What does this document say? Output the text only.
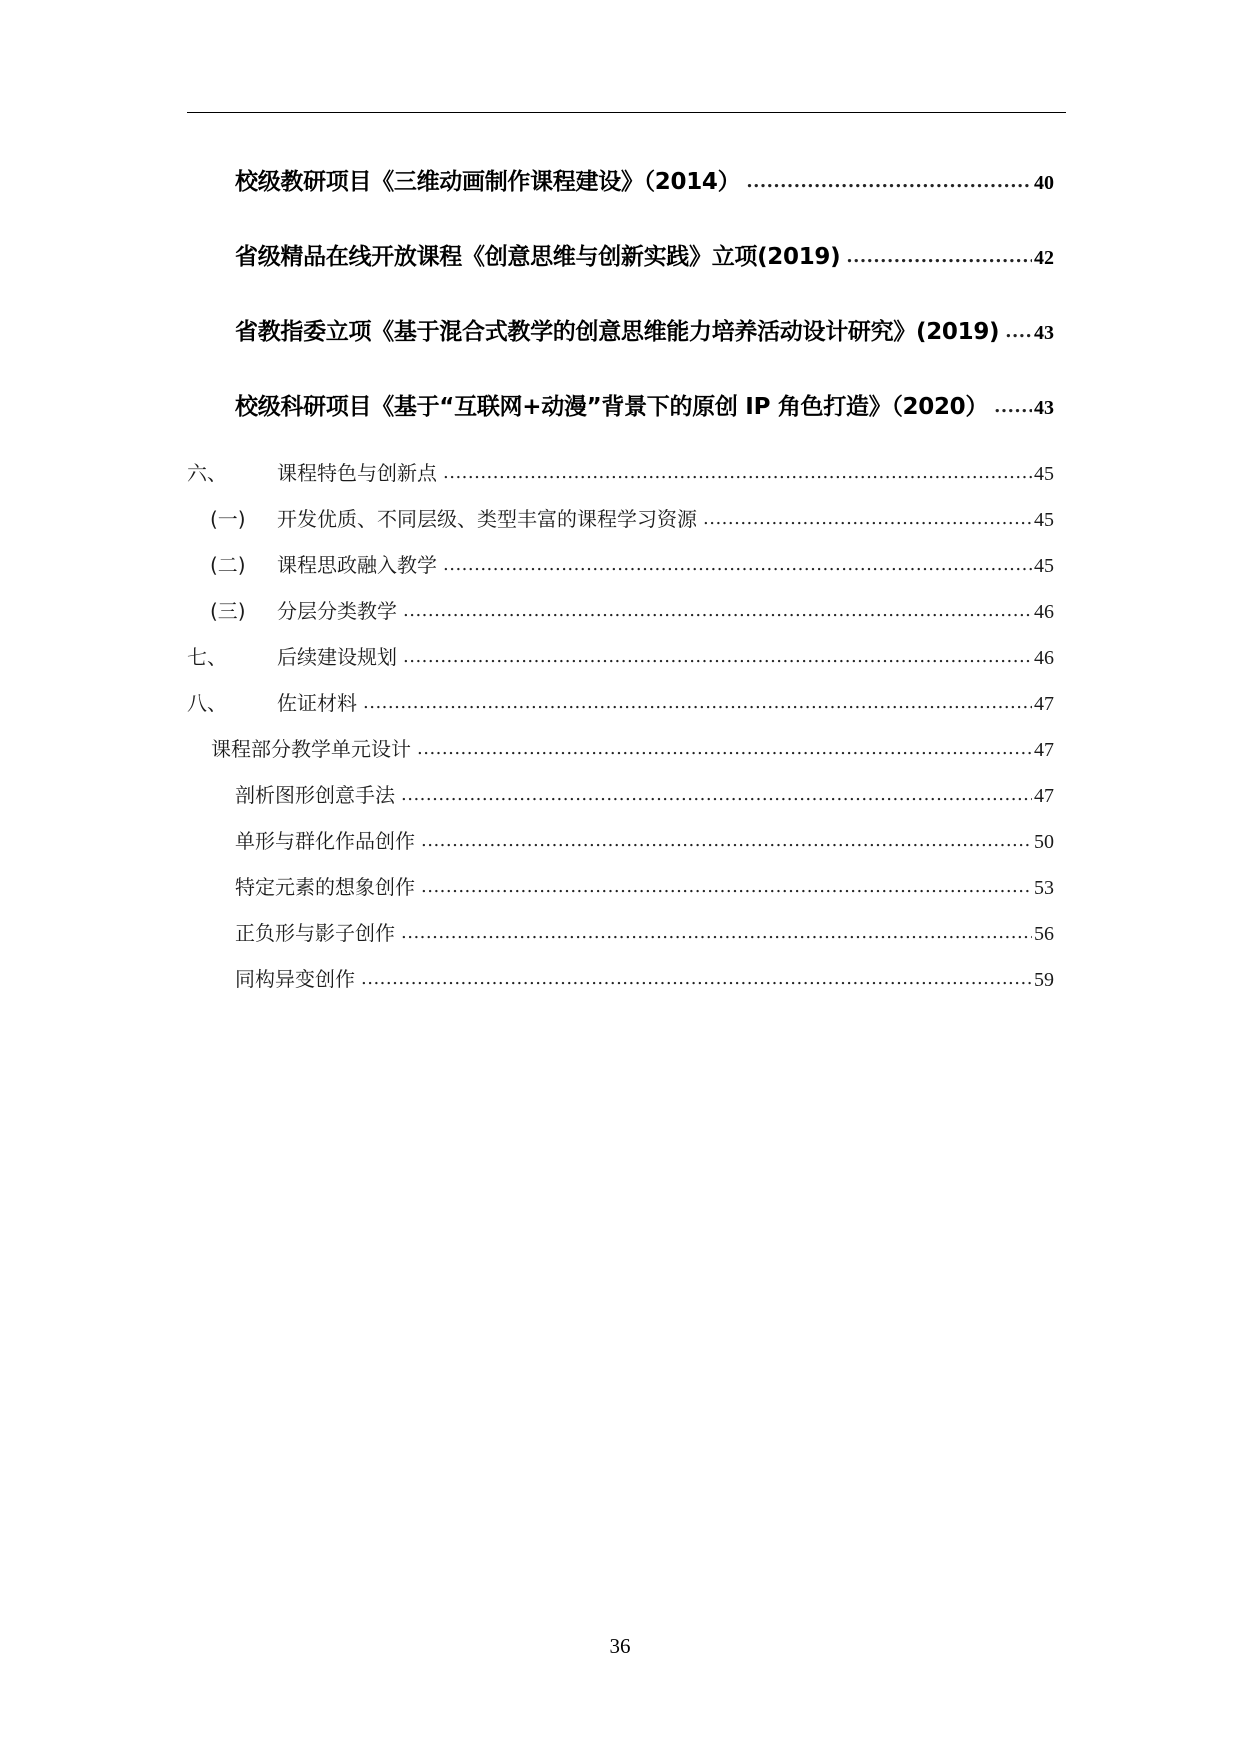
校级教研项目《三维动画制作课程建设》（2014） .....	40
省级精品在线开放课程《创意思维与创新实践》立项(2019) .....	42
省教指委立项《基于混合式教学的创意思维能力培养活动设计研究》(2019) ..... 43
校级科研项目《基于“互联网+动漫”背景下的原创 IP 角色打造》（2020） ..... 43
六、	课程特色与创新点 .....	45
(一)	开发优质、不同层级、类型丰富的课程学习资源 .....	45
(二)	课程思政融入教学 .....	45
(三)	分层分类教学 .....	46
七、	后续建设规划 .....	46
八、	佐证材料 .....	47
课程部分教学单元设计 .....	47
剖析图形创意手法 .....	47
单形与群化作品创作 .....	50
特定元素的想象创作 .....	53
正负形与影子创作 .....	56
同构异变创作 .....	59
36
